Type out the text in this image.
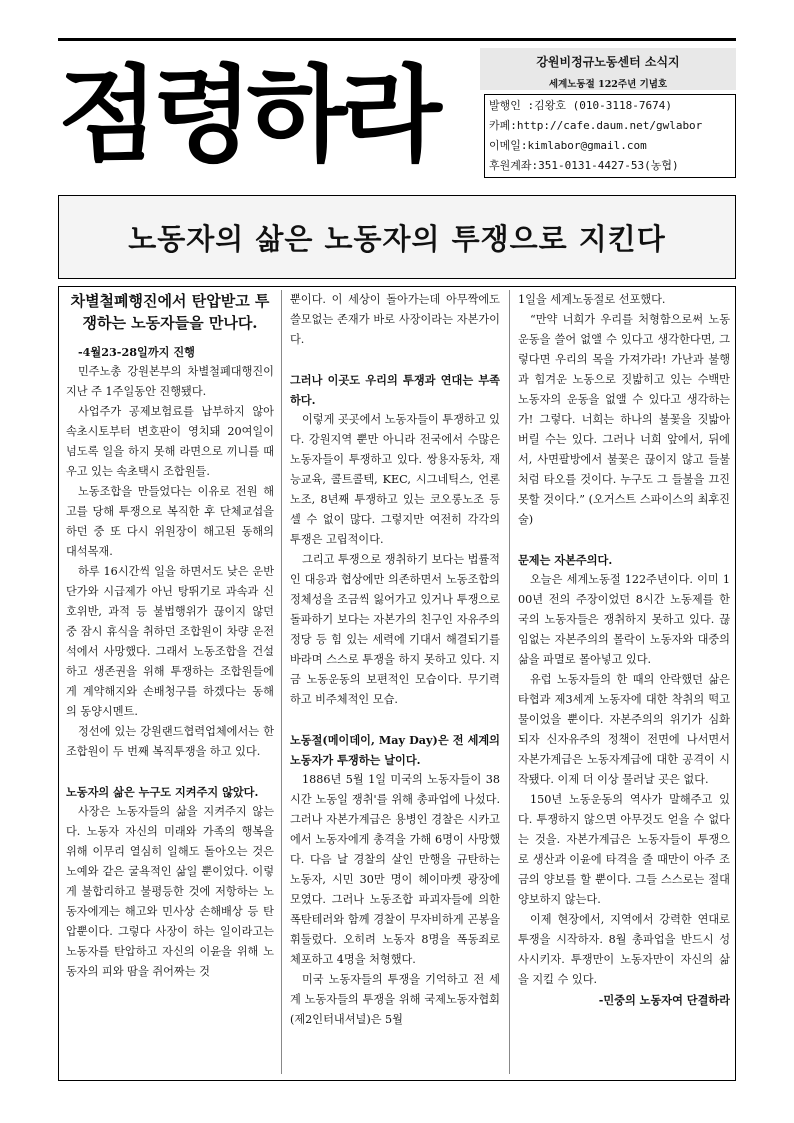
점령하라	강원비정규노동센터 소식지
세계노동절 122주년 기념호
발행인 :김왕호 (010-3118-7674)
카페:http://cafe.daum.net/gwlabor
이메일:kimlabor@gmail.com
후원계좌:351-0131-4427-53(농협)
노동자의 삶은 노동자의 투쟁으로 지킨다
차별철폐행진에서 탄압받고 투쟁하는 노동자들을 만나다.

-4월23-28일까지 진행

민주노총 강원본부의 차별철폐대행진이 지난 주 1주일동안 진행됐다.

사업주가 공제보험료를 납부하지 않아 속초시토부터 변호판이 영치돼 20여일이 넘도록 일을 하지 못해 라면으로 끼니를 때우고 있는 속초택시 조합원들.

노동조합을 만들었다는 이유로 전원 해고를 당해 투쟁으로 복직한 후 단체교섭을 하던 중 또 다시 위원장이 해고된 동해의 대석목재.

하루 16시간씩 일을 하면서도 낮은 운반단가와 시급제가 아닌 탕뛰기로 과속과 신호위반, 과적 등 불법행위가 끊이지 않던 중 잠시 휴식을 취하던 조합원이 차량 운전석에서 사망했다. 그래서 노동조합을 건설하고 생존권을 위해 투쟁하는 조합원들에게 계약해지와 손배청구를 하겠다는 동해의 동양시멘트.

정선에 있는 강원랜드협력업체에서는 한 조합원이 두 번째 복직투쟁을 하고 있다.

노동자의 삶은 누구도 지켜주지 않았다.

사장은 노동자들의 삶을 지켜주지 않는다. 노동자 자신의 미래와 가족의 행복을 위해 이무리 열심히 일해도 돌아오는 것은 노예와 같은 굴욕적인 삶일 뿐이었다. 이렇게 불합리하고 불평등한 것에 저항하는 노동자에게는 해고와 민사상 손해배상 등 탄압뿐이다. 그렇다 사장이 하는 일이라고는 노동자를 탄압하고 자신의 이윤을 위해 노동자의 피와 땀을 쥐어짜는 것

뿐이다. 이 세상이 돌아가는데 아무짝에도 쓸모없는 존재가 바로 사장이라는 자본가이다.

그러나 이곳도 우리의 투쟁과 연대는 부족하다.

이렇게 곳곳에서 노동자들이 투쟁하고 있다. 강원지역 뿐만 아니라 전국에서 수많은 노동자들이 투쟁하고 있다. 쌍용자동차, 재능교육, 콜트콜텍, KEC, 시그네틱스, 언론노조, 8년째 투쟁하고 있는 코오롱노조 등 셀 수 없이 많다. 그렇지만 여전히 각각의 투쟁은 고립적이다.

그리고 투쟁으로 쟁취하기 보다는 법률적인 대응과 협상에만 의존하면서 노동조합의 정체성을 조금씩 잃어가고 있거나 투쟁으로 돌파하기 보다는 자본가의 친구인 자유주의정당 등 힘 있는 세력에 기대서 해결되기를 바라며 스스로 투쟁을 하지 못하고 있다. 지금 노동운동의 보편적인 모습이다. 무기력하고 비주체적인 모습.

노동절(메이데이, May Day)은 전 세계의 노동자가 투쟁하는 날이다.

1886년 5월 1일 미국의 노동자들이 38시간 노동일 쟁취'를 위해 총파업에 나섰다. 그러나 자본가계급은 용병인 경찰은 시카고에서 노동자에게 총격을 가해 6명이 사망했다. 다음 날 경찰의 살인 만행을 규탄하는 노동자, 시민 30만 명이 헤이마켓 광장에 모였다. 그러나 노동조합 파괴자들에 의한 폭탄테러와 함께 경찰이 무자비하게 곤봉을 휘둘렀다. 오히려 노동자 8명을 폭동죄로 체포하고 4명을 처형했다.

미국 노동자들의 투쟁을 기억하고 전 세계 노동자들의 투쟁을 위해 국제노동자협회(제2인터내셔널)은 5월

1일을 세계노동절로 선포했다.

“만약 너희가 우리를 처형함으로써 노동운동을 쓸어 없앨 수 있다고 생각한다면, 그렇다면 우리의 목을 가져가라! 가난과 불행과 힘겨운 노동으로 짓밟히고 있는 수백만 노동자의 운동을 없앨 수 있다고 생각하는가! 그렇다. 너희는 하나의 불꽃을 짓밟아 버릴 수는 있다. 그러나 너희 앞에서, 뒤에서, 사면팔방에서 불꽃은 끊이지 않고 들불처럼 타오를 것이다. 누구도 그 들불을 끄진 못할 것이다.” (오거스트 스파이스의 최후진술)

문제는 자본주의다.

오늘은 세계노동절 122주년이다. 이미 100년 전의 주장이었던 8시간 노동제를 한국의 노동자들은 쟁취하지 못하고 있다. 끊임없는 자본주의의 몰락이 노동자와 대중의 삶을 파멸로 몰아넣고 있다.

유럽 노동자들의 한 때의 안락했던 삶은 타협과 제3세계 노동자에 대한 착취의 떡고물이었을 뿐이다. 자본주의의 위기가 심화되자 신자유주의 정책이 전면에 나서면서 자본가계급은 노동자계급에 대한 공격이 시작됐다. 이제 더 이상 물러날 곳은 없다.

150년 노동운동의 역사가 말해주고 있다. 투쟁하지 않으면 아무것도 얻을 수 없다는 것을. 자본가계급은 노동자들이 투쟁으로 생산과 이윤에 타격을 줄 때만이 아주 조금의 양보를 할 뿐이다. 그들 스스로는 절대 양보하지 않는다.

이제 현장에서, 지역에서 강력한 연대로 투쟁을 시작하자. 8월 총파업을 반드시 성사시키자. 투쟁만이 노동자만이 자신의 삶을 지킬 수 있다.

-민중의 노동자여 단결하라
